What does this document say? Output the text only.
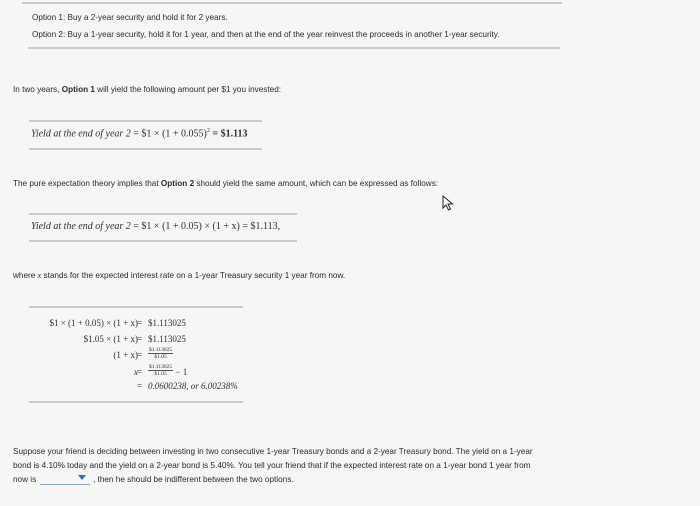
Option 1: Buy a 2-year security and hold it for 2 years.
Option 2: Buy a 1-year security, hold it for 1 year, and then at the end of the year reinvest the proceeds in another 1-year security.
In two years, Option 1 will yield the following amount per $1 you invested:
Yield at the end of year 2 = $1 × $(1 + 0.055)^2$ = $1.113
The pure expectation theory implies that Option 2 should yield the same amount, which can be expressed as follows:
Yield at the end of year 2 = $1 × (1 + 0.05) × (1 + x) = $1.113,
where x stands for the expected interest rate on a 1-year Treasury security 1 year from now.
$1 × (1 + 0.05) × (1 + x) = $1.113025
$1.05 × (1 + x) = $1.113025
$(1 + x) = \frac{\$1.113025}{\$1.05}$
$x = \frac{\$1.113025}{\$1.05} - 1$
= 0.0600238, or 6.00238%
Suppose your friend is deciding between investing in two consecutive 1-year Treasury bonds and a 2-year Treasury bond. The yield on a 1-year
bond is 4.10% today and the yield on a 2-year bond is 5.40%. You tell your friend that if the expected interest rate on a 1-year bond 1 year from
now is	, then he should be indifferent between the two options.
